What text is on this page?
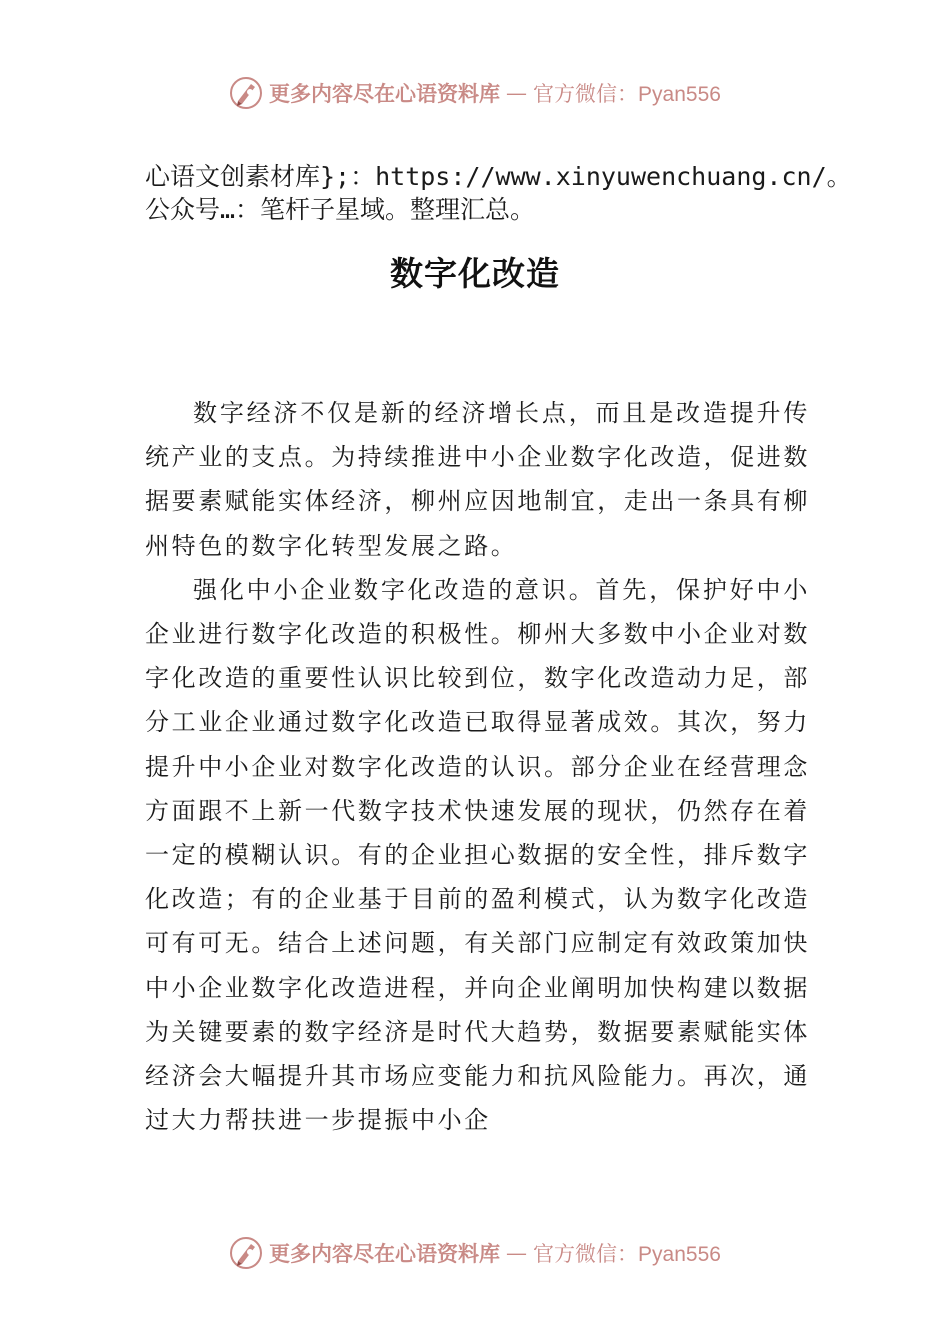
更多内容尽在心语资料库 — 官方微信：Pyan556
心语文创素材库};：https://www.xinyuwenchuang.cn/。公众号…：笔杆子星域。整理汇总。
数字化改造

数字经济不仅是新的经济增长点，而且是改造提升传统产业的支点。为持续推进中小企业数字化改造，促进数据要素赋能实体经济，柳州应因地制宜，走出一条具有柳州特色的数字化转型发展之路。

强化中小企业数字化改造的意识。首先，保护好中小企业进行数字化改造的积极性。柳州大多数中小企业对数字化改造的重要性认识比较到位，数字化改造动力足，部分工业企业通过数字化改造已取得显著成效。其次，努力提升中小企业对数字化改造的认识。部分企业在经营理念方面跟不上新一代数字技术快速发展的现状，仍然存在着一定的模糊认识。有的企业担心数据的安全性，排斥数字化改造；有的企业基于目前的盈利模式，认为数字化改造可有可无。结合上述问题，有关部门应制定有效政策加快中小企业数字化改造进程，并向企业阐明加快构建以数据为关键要素的数字经济是时代大趋势，数据要素赋能实体经济会大幅提升其市场应变能力和抗风险能力。再次，通过大力帮扶进一步提振中小企

更多内容尽在心语资料库 — 官方微信：Pyan556
